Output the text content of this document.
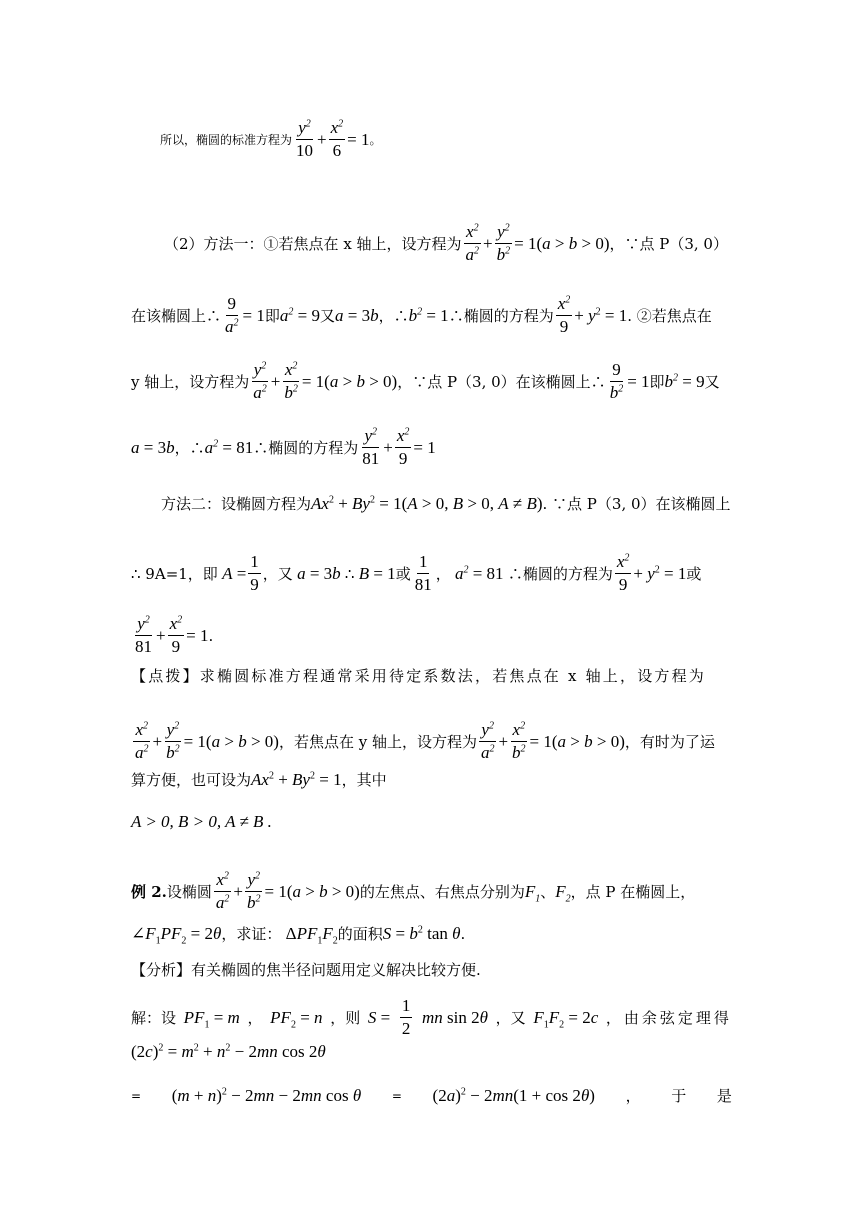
所以，椭圆的标准方程为 $\frac{y^2}{10} + \frac{x^2}{6} = 1$ 。
（2）方法一：①若焦点在 x 轴上，设方程为 $\frac{x^2}{a^2} + \frac{y^2}{b^2} = 1(a > b > 0)$ ，∵点 P（3, 0）
在该椭圆上∴ $\frac{9}{a^2} = 1$ 即 $a^2 = 9$ 又 a = 3b ，∴ $b^2 = 1$ ∴椭圆的方程为 $\frac{x^2}{9} + y^2 = 1$ . ②若焦点在
y 轴上，设方程为 $\frac{y^2}{a^2} + \frac{x^2}{b^2} = 1(a > b > 0)$ ，∵点 P（3, 0）在该椭圆上∴ $\frac{9}{b^2} = 1$ 即 $b^2 = 9$ 又
a = 3b ，∴ $a^2 = 81$ ∴椭圆的方程为 $\frac{y^2}{81} + \frac{x^2}{9} = 1$
方法二：设椭圆方程为 $Ax^2 + By^2 = 1(A > 0$, B > 0, A ≠ B) . ∵点 P（3, 0）在该椭圆上
∴ 9A=1，即 $A = \frac{1}{9}$ ，又 a = 3b ∴ B = 1 或 $\frac{1}{81}$ ， $a^2 = 81$ ∴椭圆的方程为 $\frac{x^2}{9} + y^2 = 1$ 或
$\frac{y^2}{81} + \frac{x^2}{9} = 1$ .
【点拨】求椭圆标准方程通常采用待定系数法，若焦点在 x 轴上，设方程为
$\frac{x^2}{a^2} + \frac{y^2}{b^2} = 1(a > b > 0)$ ，若焦点在 y 轴上，设方程为 $\frac{y^2}{a^2} + \frac{x^2}{b^2} = 1(a > b > 0)$ ，有时为了运
算方便，也可设为 $Ax^2 + By^2 = 1$ ，其中
A > 0, B > 0, A ≠ B .
例 2. 设椭圆 $\frac{x^2}{a^2} + \frac{y^2}{b^2} = 1(a > b > 0)$ 的左焦点、右焦点分别为 $F_1$ 、 $F_2$ ，点 P 在椭圆上，
$\angle F_1PF_2 = 2\theta$ ，求证： $\Delta PF_1F_2$ 的面积 $S = b^2$ tan θ .
【分析】有关椭圆的焦半径问题用定义解决比较方便.
解：设 $PF_1 = m$ ， $PF_2 = n$ ，则 $S = \frac{1}{2}$ mn sin 2θ ，又 $F_1F_2 = 2c$ ，由余弦定理得
$(2c)^2 = m^2 + n^2 - 2mn$ cos 2θ
= $(m + n)^2 - 2mn - 2mn$ cos θ	= $(2a)^2 - 2mn(1 + \cos 2\theta)$ ， 于 是
